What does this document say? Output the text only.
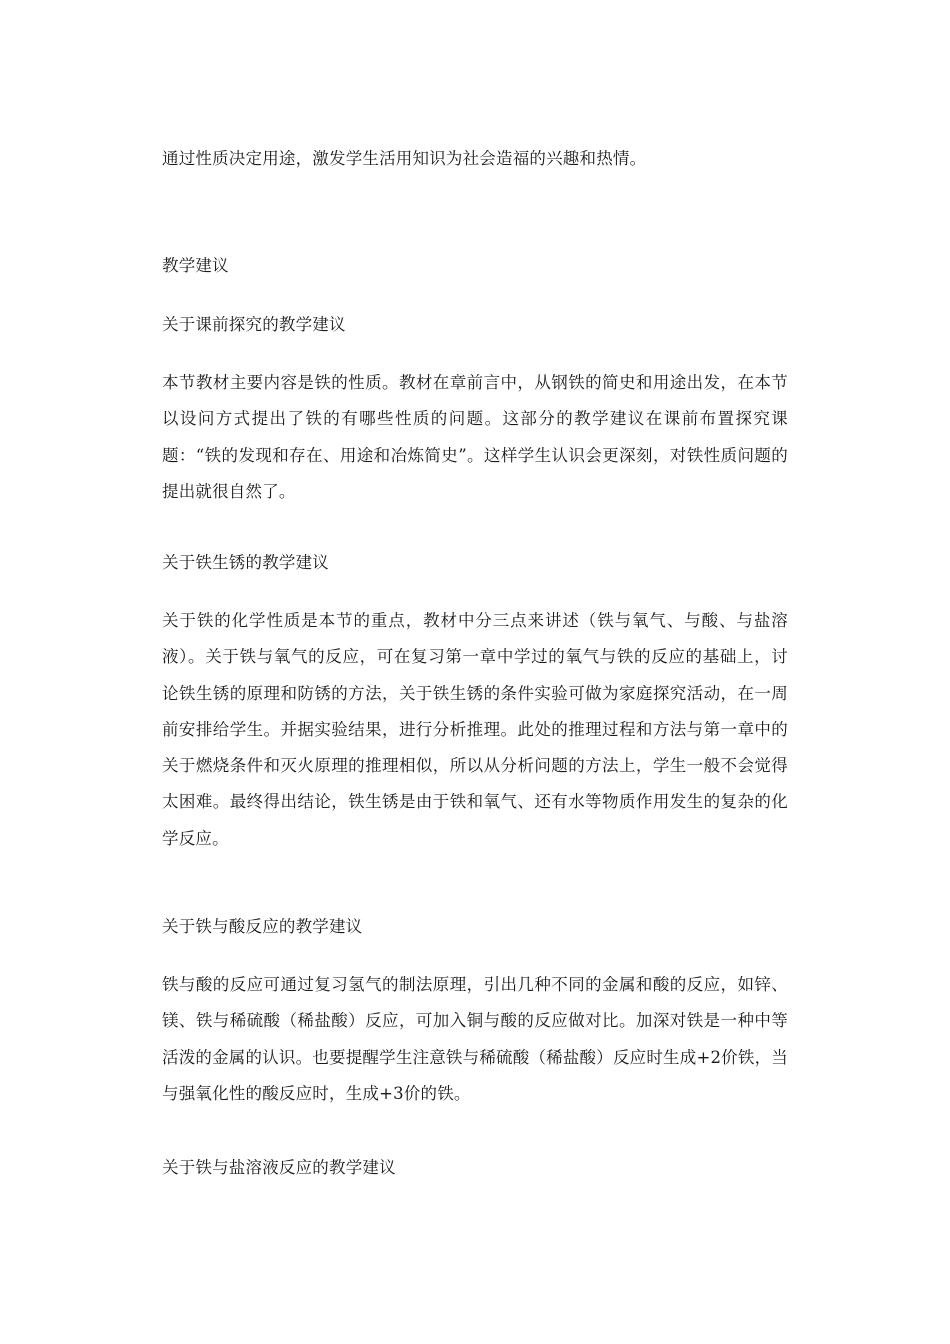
通过性质决定用途，激发学生活用知识为社会造福的兴趣和热情。
教学建议
关于课前探究的教学建议
本节教材主要内容是铁的性质。教材在章前言中，从钢铁的简史和用途出发，在本节以设问方式提出了铁的有哪些性质的问题。这部分的教学建议在课前布置探究课题：“铁的发现和存在、用途和冶炼简史”。这样学生认识会更深刻，对铁性质问题的提出就很自然了。
关于铁生锈的教学建议
关于铁的化学性质是本节的重点，教材中分三点来讲述（铁与氧气、与酸、与盐溶液）。关于铁与氧气的反应，可在复习第一章中学过的氧气与铁的反应的基础上，讨论铁生锈的原理和防锈的方法，关于铁生锈的条件实验可做为家庭探究活动，在一周前安排给学生。并据实验结果，进行分析推理。此处的推理过程和方法与第一章中的关于燃烧条件和灭火原理的推理相似，所以从分析问题的方法上，学生一般不会觉得太困难。最终得出结论，铁生锈是由于铁和氧气、还有水等物质作用发生的复杂的化学反应。
关于铁与酸反应的教学建议
铁与酸的反应可通过复习氢气的制法原理，引出几种不同的金属和酸的反应，如锌、镁、铁与稀硫酸（稀盐酸）反应，可加入铜与酸的反应做对比。加深对铁是一种中等活泼的金属的认识。也要提醒学生注意铁与稀硫酸（稀盐酸）反应时生成+2价铁，当与强氧化性的酸反应时，生成+3价的铁。
关于铁与盐溶液反应的教学建议
